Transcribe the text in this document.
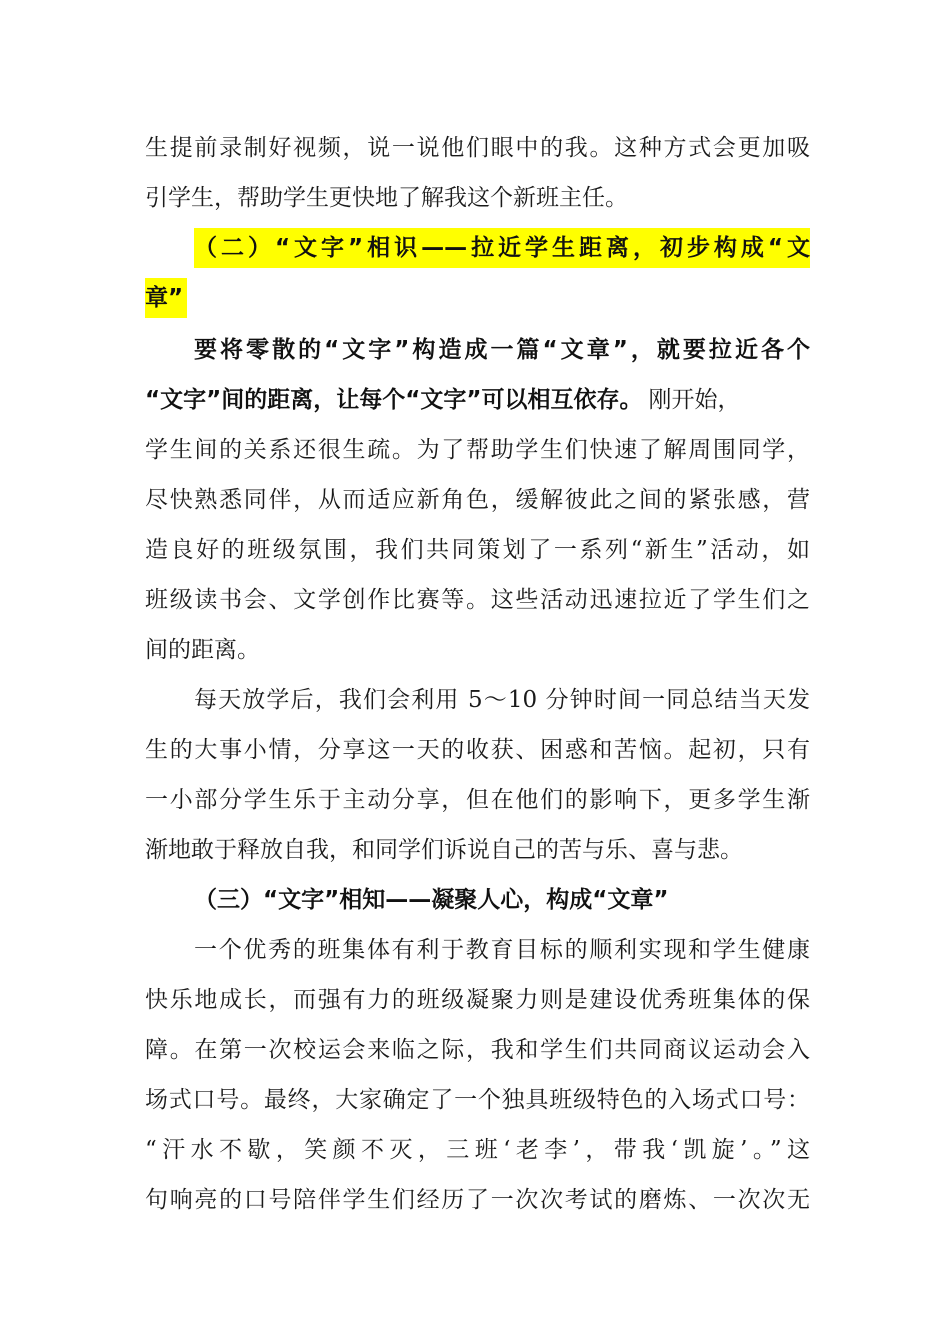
生提前录制好视频，说一说他们眼中的我。这种方式会更加吸
引学生，帮助学生更快地了解我这个新班主任。
（二）“文字”相识——拉近学生距离，初步构成“文
章”
要将零散的“文字”构造成一篇“文章”，就要拉近各个
“文字”间的距离，让每个“文字”可以相互依存。 刚开始，
学生间的关系还很生疏。为了帮助学生们快速了解周围同学，
尽快熟悉同伴，从而适应新角色，缓解彼此之间的紧张感，营
造良好的班级氛围，我们共同策划了一系列“新生”活动，如
班级读书会、文学创作比赛等。这些活动迅速拉近了学生们之
间的距离。
每天放学后，我们会利用 5～10 分钟时间一同总结当天发
生的大事小情，分享这一天的收获、困惑和苦恼。起初，只有
一小部分学生乐于主动分享，但在他们的影响下，更多学生渐
渐地敢于释放自我，和同学们诉说自己的苦与乐、喜与悲。
（三）“文字”相知——凝聚人心，构成“文章”
一个优秀的班集体有利于教育目标的顺利实现和学生健康
快乐地成长，而强有力的班级凝聚力则是建设优秀班集体的保
障。在第一次校运会来临之际，我和学生们共同商议运动会入
场式口号。最终，大家确定了一个独具班级特色的入场式口号：
“汗水不歇，笑颜不灭，三班‘老李’，带我‘凯旋’。”这
句响亮的口号陪伴学生们经历了一次次考试的磨炼、一次次无
